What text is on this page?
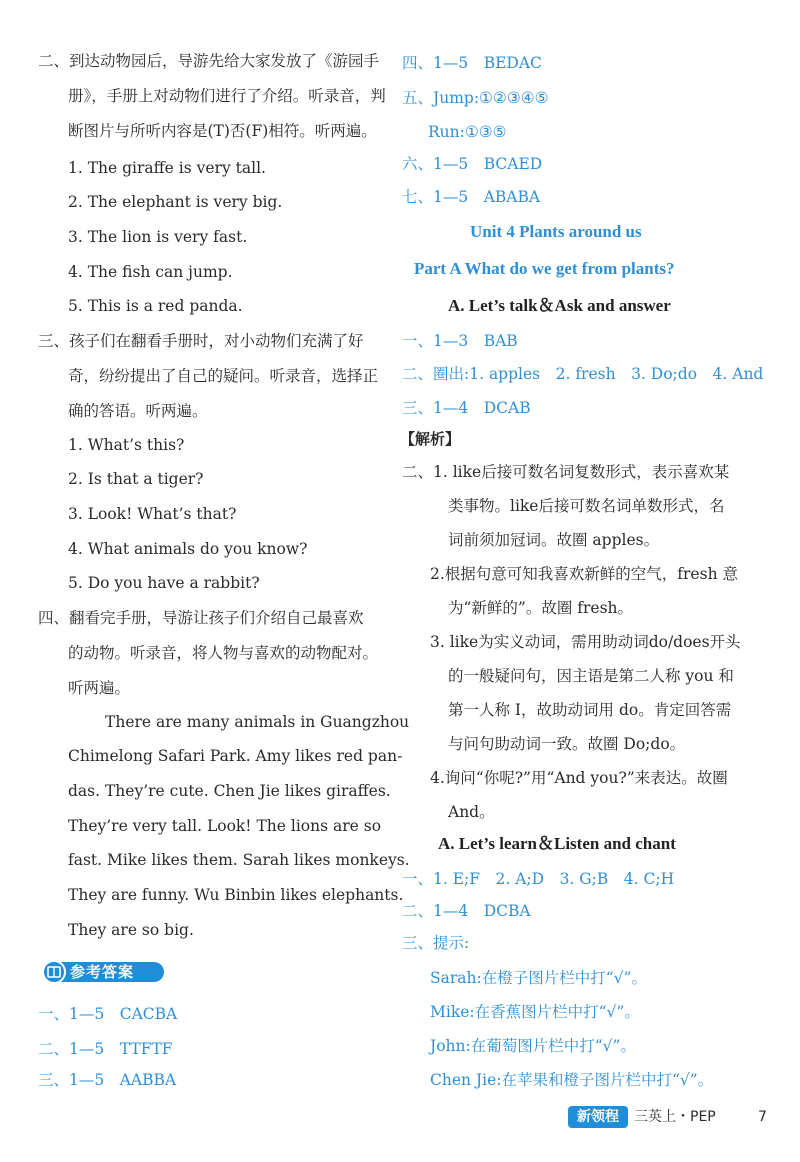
二、到达动物园后，导游先给大家发放了《游园手
册》，手册上对动物们进行了介绍。听录音，判
断图片与所听内容是(T)否(F)相符。听两遍。
1. The giraffe is very tall.
2. The elephant is very big.
3. The lion is very fast.
4. The fish can jump.
5. This is a red panda.
三、孩子们在翻看手册时，对小动物们充满了好
奇，纷纷提出了自己的疑问。听录音，选择正
确的答语。听两遍。
1. What’s this?
2. Is that a tiger?
3. Look! What’s that?
4. What animals do you know?
5. Do you have a rabbit?
四、翻看完手册，导游让孩子们介绍自己最喜欢
的动物。听录音，将人物与喜欢的动物配对。
听两遍。
There are many animals in Guangzhou
Chimelong Safari Park. Amy likes red pan-
das. They’re cute. Chen Jie likes giraffes.
They’re very tall. Look! The lions are so
fast. Mike likes them. Sarah likes monkeys.
They are funny. Wu Binbin likes elephants.
They are so big.
参考答案
一、1—5　CACBA
二、1—5　TTFTF
三、1—5　AABBA
四、1—5　BEDAC
五、Jump:①②③④⑤
Run:①③⑤
六、1—5　BCAED
七、1—5　ABABA
Unit 4 Plants around us
Part A What do we get from plants?
A. Let’s talk＆Ask and answer
一、1—3　BAB
二、圈出:1. apples　2. fresh　3. Do;do　4. And
三、1—4　DCAB
【解析】
二、1. like后接可数名词复数形式，表示喜欢某
类事物。like后接可数名词单数形式，名
词前须加冠词。故圈 apples。
2.根据句意可知我喜欢新鲜的空气，fresh 意
为“新鲜的”。故圈 fresh。
3. like为实义动词，需用助动词do/does开头
的一般疑问句，因主语是第二人称 you 和
第一人称 I，故助动词用 do。肯定回答需
与问句助动词一致。故圈 Do;do。
4.询问“你呢?”用“And you?”来表达。故圈
And。
A. Let’s learn＆Listen and chant
一、1. E;F　2. A;D　3. G;B　4. C;H
二、1—4　DCBA
三、提示:
Sarah:在橙子图片栏中打“√”。
Mike:在香蕉图片栏中打“√”。
John:在葡萄图片栏中打“√”。
Chen Jie:在苹果和橙子图片栏中打“√”。
新领程	三英上・PEP	7
